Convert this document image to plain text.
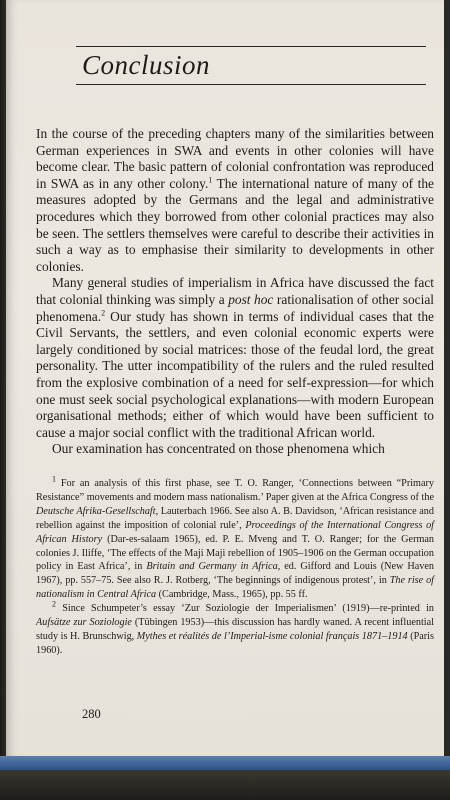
Conclusion

In the course of the preceding chapters many of the similarities between German experiences in SWA and events in other colonies will have become clear. The basic pattern of colonial confrontation was reproduced in SWA as in any other colony.$^1$ The international nature of many of the measures adopted by the Germans and the legal and administrative procedures which they borrowed from other colonial practices may also be seen. The settlers themselves were careful to describe their activities in such a way as to emphasise their similarity to developments in other colonies.

Many general studies of imperialism in Africa have discussed the fact that colonial thinking was simply a post hoc rationalisation of other social phenomena.$^2$ Our study has shown in terms of individual cases that the Civil Servants, the settlers, and even colonial economic experts were largely conditioned by social matrices: those of the feudal lord, the great personality. The utter incompatibility of the rulers and the ruled resulted from the explosive combination of a need for self-expression—for which one must seek social psychological explanations—with modern European organisational methods; either of which would have been sufficient to cause a major social conflict with the traditional African world.

Our examination has concentrated on those phenomena which

$^1$ For an analysis of this first phase, see T. O. Ranger, ‘Connections between “Primary Resistance” movements and modern mass nationalism.’ Paper given at the Africa Congress of the Deutsche Afrika-Gesellschaft, Lauterbach 1966. See also A. B. Davidson, ‘African resistance and rebellion against the imposition of colonial rule’, Proceedings of the International Congress of African History (Dar-es-salaam 1965), ed. P. E. Mveng and T. O. Ranger; for the German colonies J. Iliffe, ‘The effects of the Maji Maji rebellion of 1905–1906 on the German occupation policy in East Africa’, in Britain and Germany in Africa, ed. Gifford and Louis (New Haven 1967), pp. 557–75. See also R. J. Rotberg, ‘The beginnings of indigenous protest’, in The rise of nationalism in Central Africa (Cambridge, Mass., 1965), pp. 55 ff.

$^2$ Since Schumpeter’s essay ‘Zur Soziologie der Imperialismen’ (1919)—re-printed in Aufsätze zur Soziologie (Tübingen 1953)—this discussion has hardly waned. A recent influential study is H. Brunschwig, Mythes et réalités de l’Imperial-isme colonial français 1871–1914 (Paris 1960).

280
